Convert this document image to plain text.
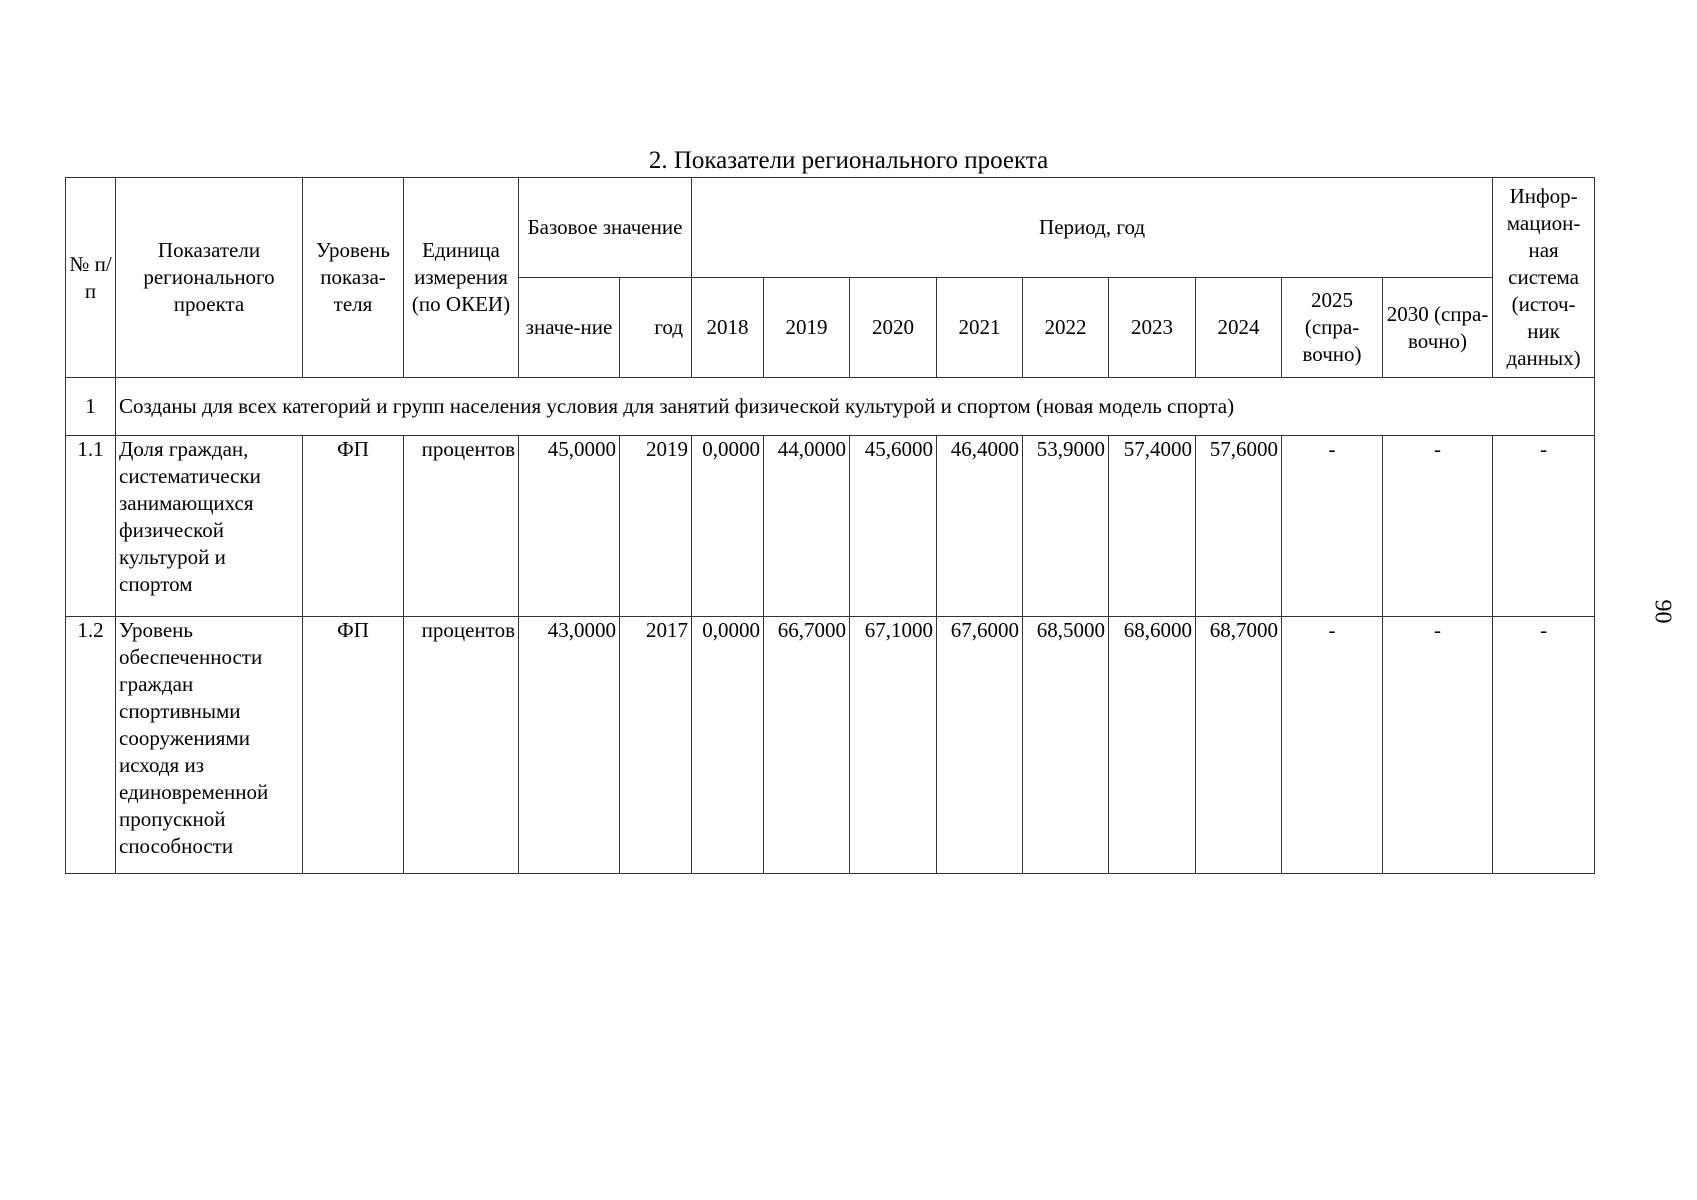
2. Показатели регионального проекта
№ п/п	Показатели регионального проекта	Уровень показа-теля	Единица измерения (по ОКЕИ)	Базовое значение		Период, год									Инфор-мацион-ная система (источ-ник данных)
				значе-ние	год	2018	2019	2020	2021	2022	2023	2024	2025 (спра-вочно)	2030 (спра-вочно)	
1	Созданы для всех категорий и групп населения условия для занятий физической культурой и спортом (новая модель спорта)														
1.1	Доля граждан, систематически занимающихся физической культурой и спортом	ФП	процентов	45,0000	2019	0,0000	44,0000	45,6000	46,4000	53,9000	57,4000	57,6000	-	-	-
1.2	Уровень обеспеченности граждан спортивными сооружениями исходя из единовременной пропускной способности	ФП	процентов	43,0000	2017	0,0000	66,7000	67,1000	67,6000	68,5000	68,6000	68,7000	-	-	-
90
